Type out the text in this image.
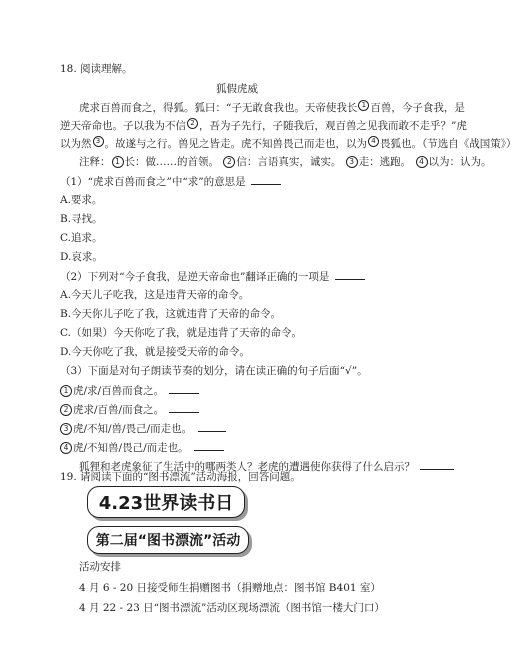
18. 阅读理解。
狐假虎威
虎求百兽而食之，得狐。狐曰：“子无敢食我也。天帝使我长 1 百兽，今子食我，是
逆天帝命也。子以我为不信 2 ，吾为子先行，子随我后，观百兽之见我而敢不走乎？”虎
以为然 3 。故遂与之行。兽见之皆走。虎不知兽畏己而走也，以为 4 畏狐也。（节选自《战国策》）
注释： 1 长：做……的首领。 2 信：言语真实，诚实。 3 走：逃跑。 4 以为：认为。
（1）“虎求百兽而食之”中“求”的意思是
A.要求。
B.寻找。
C.追求。
D.哀求。
（2）下列对“今子食我，是逆天帝命也”翻译正确的一项是
A.今天儿子吃我，这是违背天帝的命令。
B.今天你儿子吃了我，这就违背了天帝的命令。
C.（如果）今天你吃了我，就是违背了天帝的命令。
D.今天你吃了我，就是接受天帝的命令。
（3）下面是对句子朗读节奏的划分，请在读正确的句子后面“√”。
1 虎/求/百兽而食之。
2 虎求/百兽/而食之。
3 虎/不知/兽/畏己/而走也。
4 虎/不知兽/畏己/而走也。
狐狸和老虎象征了生活中的哪两类人？老虎的遭遇使你获得了什么启示？
19. 请阅读下面的“图书漂流”活动海报，回答问题。
4.23世界读书日
第二届“图书漂流”活动
活动安排
4 月 6 - 20 日接受师生捐赠图书（捐赠地点：图书馆 B401 室）
4 月 22 - 23 日“图书漂流”活动区现场漂流（图书馆一楼大门口）
